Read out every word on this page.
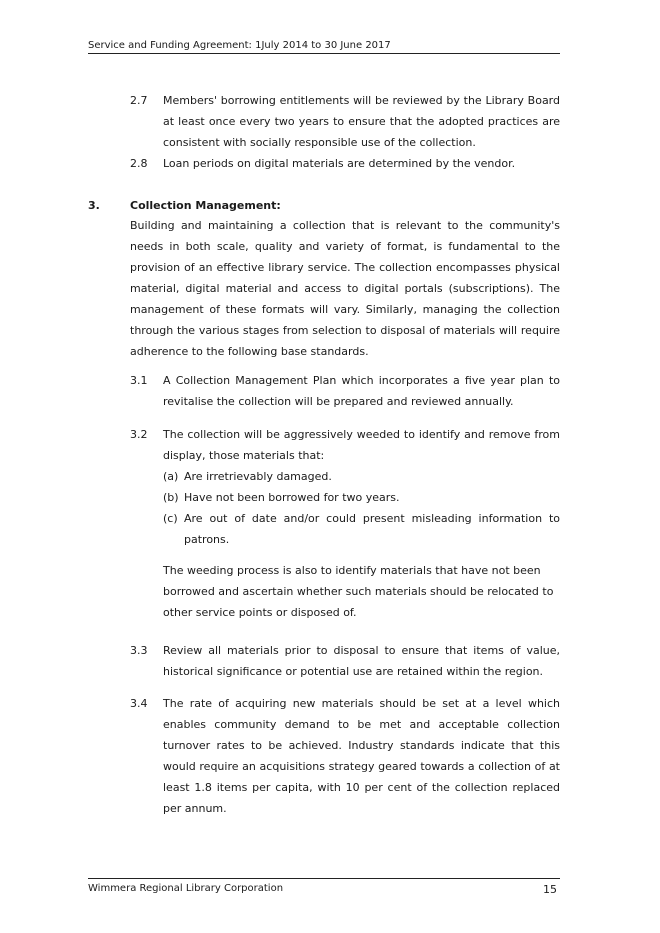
Service and Funding Agreement: 1July 2014 to 30 June 2017
2.7 Members' borrowing entitlements will be reviewed by the Library Board at least once every two years to ensure that the adopted practices are consistent with socially responsible use of the collection.
2.8 Loan periods on digital materials are determined by the vendor.
3.	Collection Management:
Building and maintaining a collection that is relevant to the community's needs in both scale, quality and variety of format, is fundamental to the provision of an effective library service. The collection encompasses physical material, digital material and access to digital portals (subscriptions). The management of these formats will vary. Similarly, managing the collection through the various stages from selection to disposal of materials will require adherence to the following base standards.
3.1 A Collection Management Plan which incorporates a five year plan to revitalise the collection will be prepared and reviewed annually.
3.2 The collection will be aggressively weeded to identify and remove from display, those materials that:
(a) Are irretrievably damaged.
(b) Have not been borrowed for two years.
(c) Are out of date and/or could present misleading information to patrons.
The weeding process is also to identify materials that have not been borrowed and ascertain whether such materials should be relocated to other service points or disposed of.
3.3 Review all materials prior to disposal to ensure that items of value, historical significance or potential use are retained within the region.
3.4 The rate of acquiring new materials should be set at a level which enables community demand to be met and acceptable collection turnover rates to be achieved. Industry standards indicate that this would require an acquisitions strategy geared towards a collection of at least 1.8 items per capita, with 10 per cent of the collection replaced per annum.
Wimmera Regional Library Corporation	15
